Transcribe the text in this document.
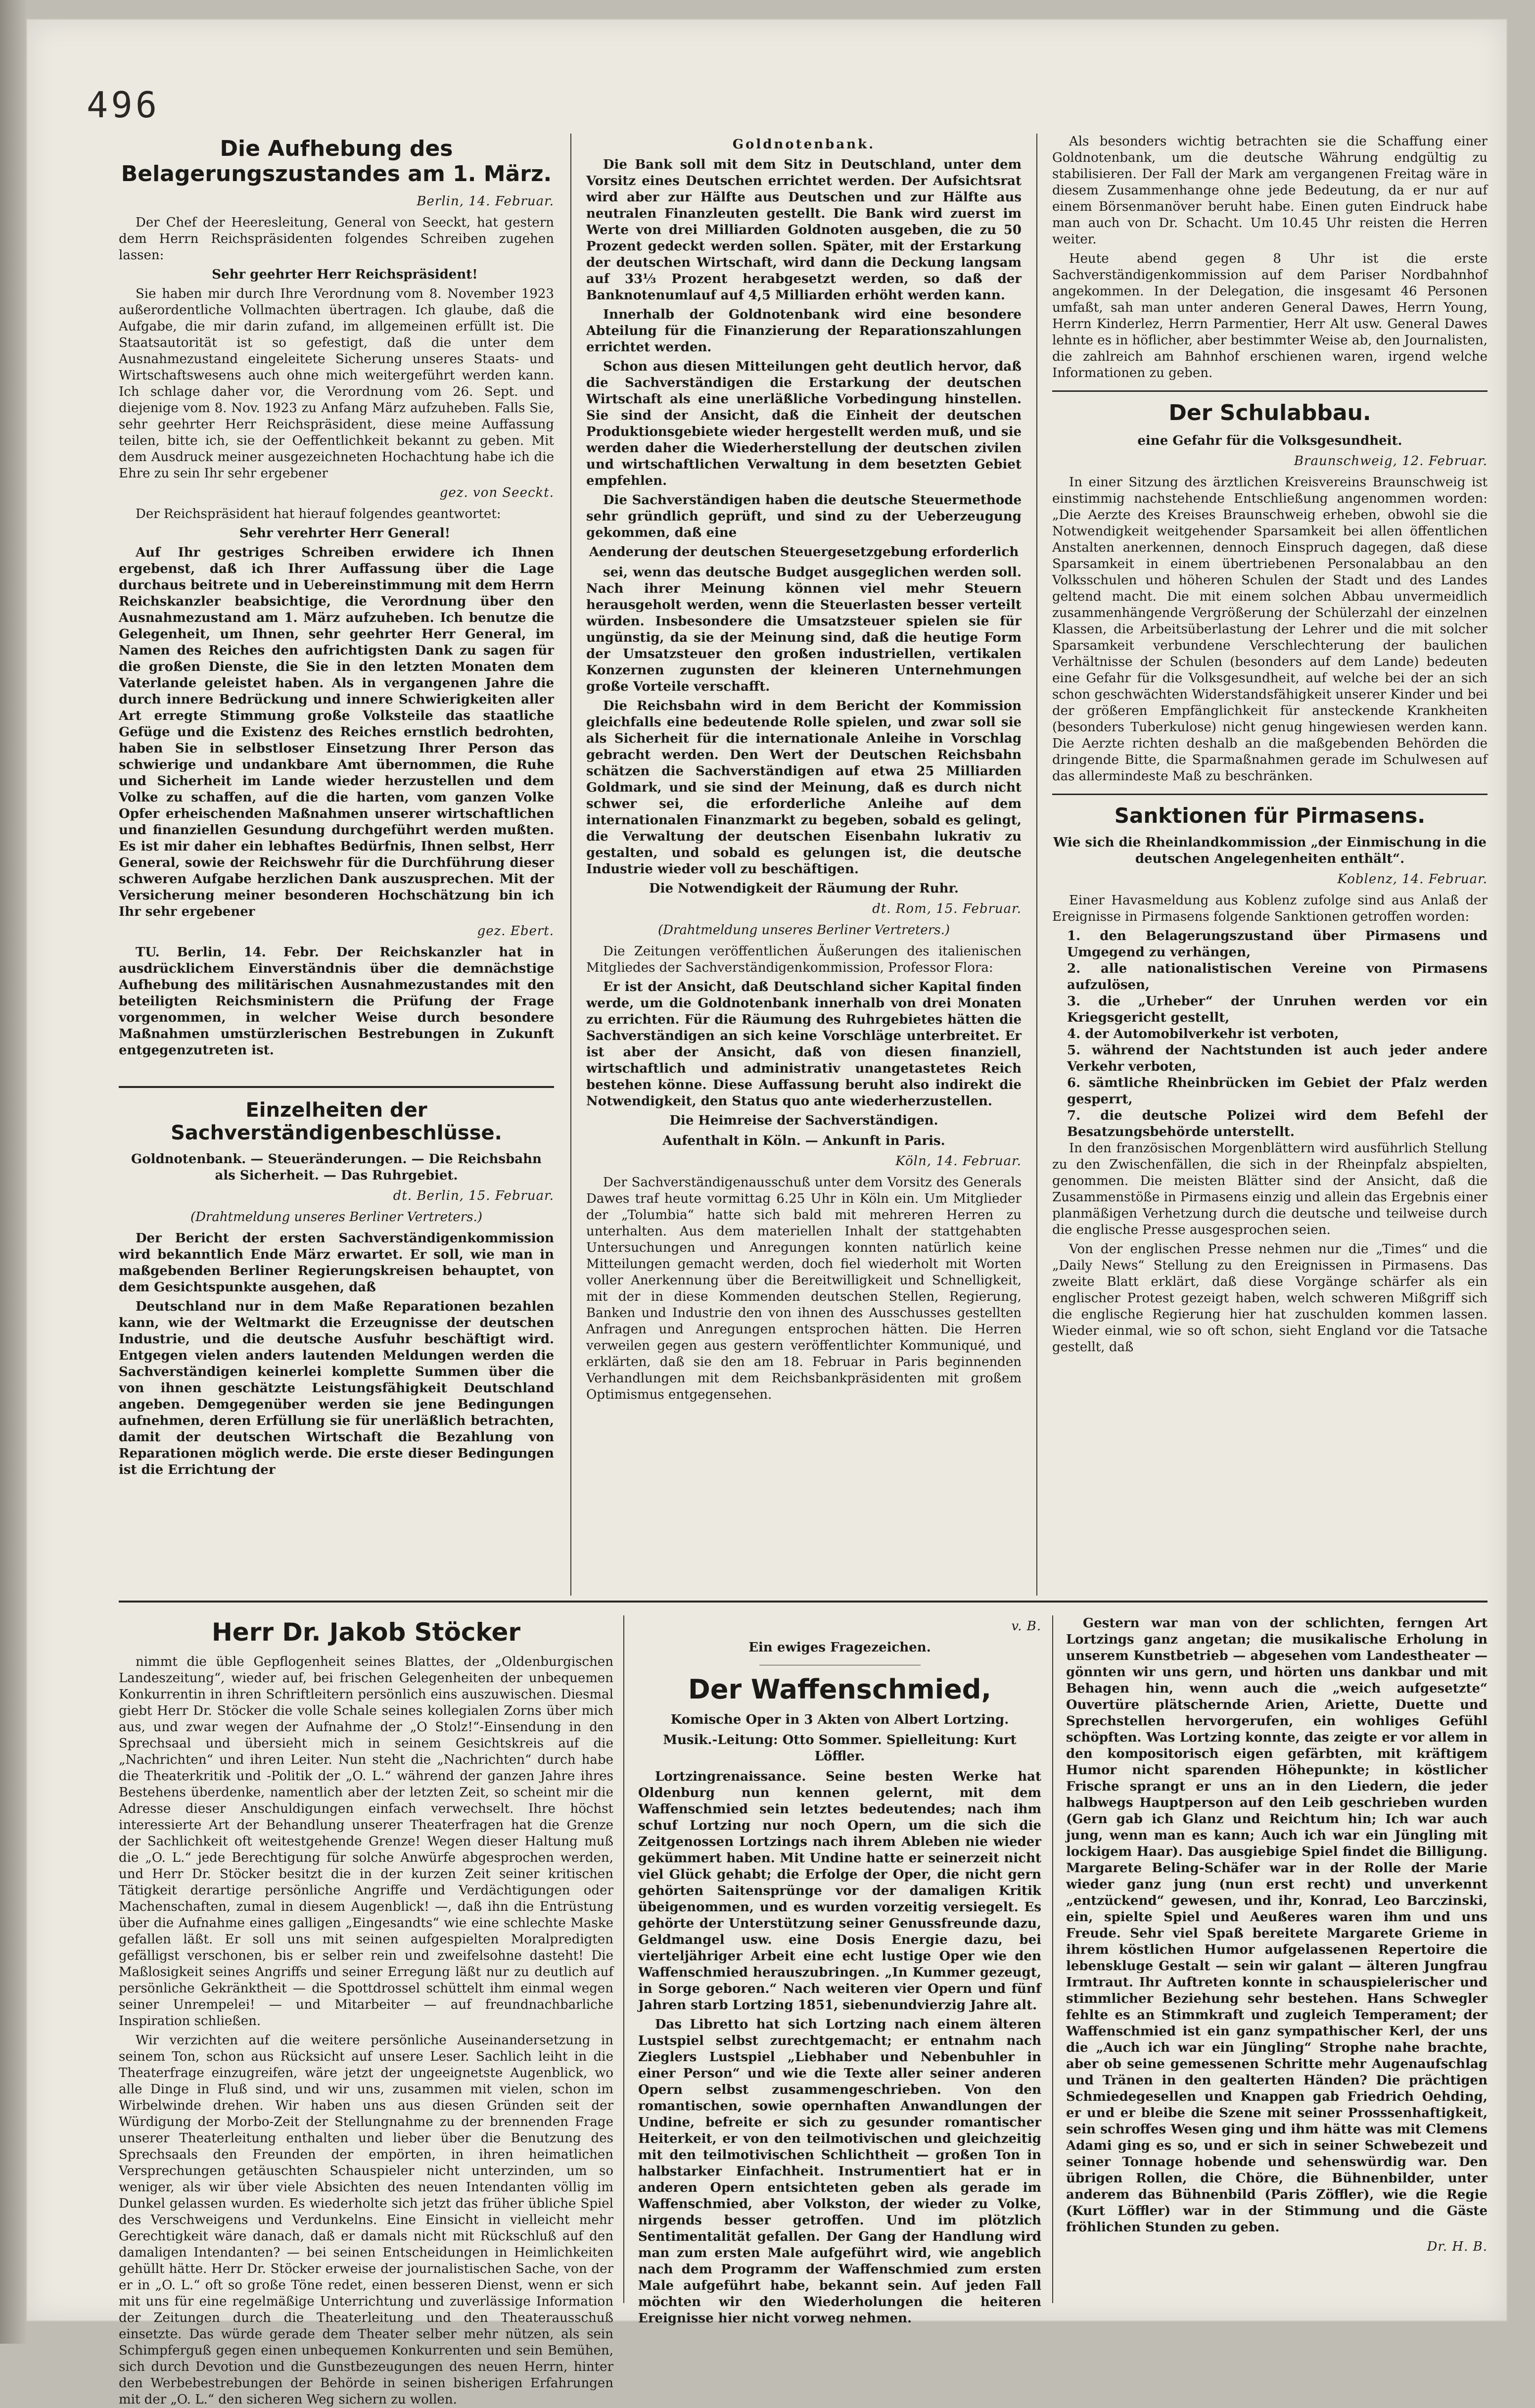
496
Die Aufhebung des Belagerungszustandes am 1. März.
Berlin, 14. Februar.

Der Chef der Heeresleitung, General von Seeckt, hat gestern dem Herrn Reichspräsidenten folgendes Schreiben zugehen lassen:

Sehr geehrter Herr Reichspräsident!

Sie haben mir durch Ihre Verordnung vom 8. November 1923 außerordentliche Vollmachten übertragen. Ich glaube, daß die Aufgabe, die mir darin zufand, im allgemeinen erfüllt ist. Die Staatsautorität ist so gefestigt, daß die unter dem Ausnahmezustand eingeleitete Sicherung unseres Staats- und Wirtschaftswesens auch ohne mich weitergeführt werden kann. Ich schlage daher vor, die Verordnung vom 26. Sept. und diejenige vom 8. Nov. 1923 zu Anfang März aufzuheben. Falls Sie, sehr geehrter Herr Reichspräsident, diese meine Auffassung teilen, bitte ich, sie der Oeffentlichkeit bekannt zu geben. Mit dem Ausdruck meiner ausgezeichneten Hochachtung habe ich die Ehre zu sein Ihr sehr ergebener

gez. von Seeckt.

Der Reichspräsident hat hierauf folgendes geantwortet:

Sehr verehrter Herr General!

Auf Ihr gestriges Schreiben erwidere ich Ihnen ergebenst, daß ich Ihrer Auffassung über die Lage durchaus beitrete und in Uebereinstimmung mit dem Herrn Reichskanzler beabsichtige, die Verordnung über den Ausnahmezustand am 1. März aufzuheben. Ich benutze die Gelegenheit, um Ihnen, sehr geehrter Herr General, im Namen des Reiches den aufrichtigsten Dank zu sagen für die großen Dienste, die Sie in den letzten Monaten dem Vaterlande geleistet haben. Als in vergangenen Jahre die durch innere Bedrückung und innere Schwierigkeiten aller Art erregte Stimmung große Volksteile das staatliche Gefüge und die Existenz des Reiches ernstlich bedrohten, haben Sie in selbstloser Einsetzung Ihrer Person das schwierige und undankbare Amt übernommen, die Ruhe und Sicherheit im Lande wieder herzustellen und dem Volke zu schaffen, auf die die harten, vom ganzen Volke Opfer erheischenden Maßnahmen unserer wirtschaftlichen und finanziellen Gesundung durchgeführt werden mußten. Es ist mir daher ein lebhaftes Bedürfnis, Ihnen selbst, Herr General, sowie der Reichswehr für die Durchführung dieser schweren Aufgabe herzlichen Dank auszusprechen. Mit der Versicherung meiner besonderen Hochschätzung bin ich Ihr sehr ergebener

gez. Ebert.

TU. Berlin, 14. Febr. Der Reichskanzler hat in ausdrücklichem Einverständnis über die demnächstige Aufhebung des militärischen Ausnahmezustandes mit den beteiligten Reichsministern die Prüfung der Frage vorgenommen, in welcher Weise durch besondere Maßnahmen umstürzlerischen Bestrebungen in Zukunft entgegenzutreten ist.

Einzelheiten der Sachverständigenbeschlüsse.
Goldnotenbank. — Steueränderungen. — Die Reichsbahn als Sicherheit. — Das Ruhrgebiet.
dt. Berlin, 15. Februar.
(Drahtmeldung unseres Berliner Vertreters.)

Der Bericht der ersten Sachverständigenkommission wird bekanntlich Ende März erwartet. Er soll, wie man in maßgebenden Berliner Regierungskreisen behauptet, von dem Gesichtspunkte ausgehen, daß

Deutschland nur in dem Maße Reparationen bezahlen kann, wie der Weltmarkt die Erzeugnisse der deutschen Industrie, und die deutsche Ausfuhr beschäftigt wird. Entgegen vielen anders lautenden Meldungen werden die Sachverständigen keinerlei komplette Summen über die von ihnen geschätzte Leistungsfähigkeit Deutschland angeben. Demgegenüber werden sie jene Bedingungen aufnehmen, deren Erfüllung sie für unerläßlich betrachten, damit der deutschen Wirtschaft die Bezahlung von Reparationen möglich werde. Die erste dieser Bedingungen ist die Errichtung der

Goldnotenbank.

Die Bank soll mit dem Sitz in Deutschland, unter dem Vorsitz eines Deutschen errichtet werden. Der Aufsichtsrat wird aber zur Hälfte aus Deutschen und zur Hälfte aus neutralen Finanzleuten gestellt. Die Bank wird zuerst im Werte von drei Milliarden Goldnoten ausgeben, die zu 50 Prozent gedeckt werden sollen. Später, mit der Erstarkung der deutschen Wirtschaft, wird dann die Deckung langsam auf 33⅓ Prozent herabgesetzt werden, so daß der Banknotenumlauf auf 4,5 Milliarden erhöht werden kann.

Innerhalb der Goldnotenbank wird eine besondere Abteilung für die Finanzierung der Reparationszahlungen errichtet werden.

Schon aus diesen Mitteilungen geht deutlich hervor, daß die Sachverständigen die Erstarkung der deutschen Wirtschaft als eine unerläßliche Vorbedingung hinstellen. Sie sind der Ansicht, daß die Einheit der deutschen Produktionsgebiete wieder hergestellt werden muß, und sie werden daher die Wiederherstellung der deutschen zivilen und wirtschaftlichen Verwaltung in dem besetzten Gebiet empfehlen.

Die Sachverständigen haben die deutsche Steuermethode sehr gründlich geprüft, und sind zu der Ueberzeugung gekommen, daß eine

Aenderung der deutschen Steuergesetzgebung erforderlich

sei, wenn das deutsche Budget ausgeglichen werden soll. Nach ihrer Meinung können viel mehr Steuern herausgeholt werden, wenn die Steuerlasten besser verteilt würden. Insbesondere die Umsatzsteuer spielen sie für ungünstig, da sie der Meinung sind, daß die heutige Form der Umsatzsteuer den großen industriellen, vertikalen Konzernen zugunsten der kleineren Unternehmungen große Vorteile verschafft.

Die Reichsbahn wird in dem Bericht der Kommission gleichfalls eine bedeutende Rolle spielen, und zwar soll sie als Sicherheit für die internationale Anleihe in Vorschlag gebracht werden. Den Wert der Deutschen Reichsbahn schätzen die Sachverständigen auf etwa 25 Milliarden Goldmark, und sie sind der Meinung, daß es durch nicht schwer sei, die erforderliche Anleihe auf dem internationalen Finanzmarkt zu begeben, sobald es gelingt, die Verwaltung der deutschen Eisenbahn lukrativ zu gestalten, und sobald es gelungen ist, die deutsche Industrie wieder voll zu beschäftigen.

Die Notwendigkeit der Räumung der Ruhr.
dt. Rom, 15. Februar.
(Drahtmeldung unseres Berliner Vertreters.)

Die Zeitungen veröffentlichen Äußerungen des italienischen Mitgliedes der Sachverständigenkommission, Professor Flora:

Er ist der Ansicht, daß Deutschland sicher Kapital finden werde, um die Goldnotenbank innerhalb von drei Monaten zu errichten. Für die Räumung des Ruhrgebietes hätten die Sachverständigen an sich keine Vorschläge unterbreitet. Er ist aber der Ansicht, daß von diesen finanziell, wirtschaftlich und administrativ unangetastetes Reich bestehen könne. Diese Auffassung beruht also indirekt die Notwendigkeit, den Status quo ante wiederherzustellen.

Die Heimreise der Sachverständigen.
Aufenthalt in Köln. — Ankunft in Paris.
Köln, 14. Februar.

Der Sachverständigenausschuß unter dem Vorsitz des Generals Dawes traf heute vormittag 6.25 Uhr in Köln ein. Um Mitglieder der „Tolumbia“ hatte sich bald mit mehreren Herren zu unterhalten. Aus dem materiellen Inhalt der stattgehabten Untersuchungen und Anregungen konnten natürlich keine Mitteilungen gemacht werden, doch fiel wiederholt mit Worten voller Anerkennung über die Bereitwilligkeit und Schnelligkeit, mit der in diese Kommenden deutschen Stellen, Regierung, Banken und Industrie den von ihnen des Ausschusses gestellten Anfragen und Anregungen entsprochen hätten. Die Herren verweilen gegen aus gestern veröffentlichter Kommuniqué, und erklärten, daß sie den am 18. Februar in Paris beginnenden Verhandlungen mit dem Reichsbankpräsidenten mit großem Optimismus entgegensehen.

Als besonders wichtig betrachten sie die Schaffung einer Goldnotenbank, um die deutsche Währung endgültig zu stabilisieren. Der Fall der Mark am vergangenen Freitag wäre in diesem Zusammenhange ohne jede Bedeutung, da er nur auf einem Börsenmanöver beruht habe. Einen guten Eindruck habe man auch von Dr. Schacht. Um 10.45 Uhr reisten die Herren weiter.

Heute abend gegen 8 Uhr ist die erste Sachverständigenkommission auf dem Pariser Nordbahnhof angekommen. In der Delegation, die insgesamt 46 Personen umfaßt, sah man unter anderen General Dawes, Herrn Young, Herrn Kinderlez, Herrn Parmentier, Herr Alt usw. General Dawes lehnte es in höflicher, aber bestimmter Weise ab, den Journalisten, die zahlreich am Bahnhof erschienen waren, irgend welche Informationen zu geben.

Der Schulabbau.
eine Gefahr für die Volksgesundheit.
Braunschweig, 12. Februar.

In einer Sitzung des ärztlichen Kreisvereins Braunschweig ist einstimmig nachstehende Entschließung angenommen worden: „Die Aerzte des Kreises Braunschweig erheben, obwohl sie die Notwendigkeit weitgehender Sparsamkeit bei allen öffentlichen Anstalten anerkennen, dennoch Einspruch dagegen, daß diese Sparsamkeit in einem übertriebenen Personalabbau an den Volksschulen und höheren Schulen der Stadt und des Landes geltend macht. Die mit einem solchen Abbau unvermeidlich zusammenhängende Vergrößerung der Schülerzahl der einzelnen Klassen, die Arbeitsüberlastung der Lehrer und die mit solcher Sparsamkeit verbundene Verschlechterung der baulichen Verhältnisse der Schulen (besonders auf dem Lande) bedeuten eine Gefahr für die Volksgesundheit, auf welche bei der an sich schon geschwächten Widerstandsfähigkeit unserer Kinder und bei der größeren Empfänglichkeit für ansteckende Krankheiten (besonders Tuberkulose) nicht genug hingewiesen werden kann. Die Aerzte richten deshalb an die maßgebenden Behörden die dringende Bitte, die Sparmaßnahmen gerade im Schulwesen auf das allermindeste Maß zu beschränken.

Sanktionen für Pirmasens.
Wie sich die Rheinlandkommission „der Einmischung in die deutschen Angelegenheiten enthält“.
Koblenz, 14. Februar.

Einer Havasmeldung aus Koblenz zufolge sind aus Anlaß der Ereignisse in Pirmasens folgende Sanktionen getroffen worden:

1. den Belagerungszustand über Pirmasens und Umgegend zu verhängen,
2. alle nationalistischen Vereine von Pirmasens aufzulösen,
3. die „Urheber“ der Unruhen werden vor ein Kriegsgericht gestellt,
4. der Automobilverkehr ist verboten,
5. während der Nachtstunden ist auch jeder andere Verkehr verboten,
6. sämtliche Rheinbrücken im Gebiet der Pfalz werden gesperrt,
7. die deutsche Polizei wird dem Befehl der Besatzungsbehörde unterstellt.

In den französischen Morgenblättern wird ausführlich Stellung zu den Zwischenfällen, die sich in der Rheinpfalz abspielten, genommen. Die meisten Blätter sind der Ansicht, daß die Zusammenstöße in Pirmasens einzig und allein das Ergebnis einer planmäßigen Verhetzung durch die deutsche und teilweise durch die englische Presse ausgesprochen seien.

Von der englischen Presse nehmen nur die „Times“ und die „Daily News“ Stellung zu den Ereignissen in Pirmasens. Das zweite Blatt erklärt, daß diese Vorgänge schärfer als ein englischer Protest gezeigt haben, welch schweren Mißgriff sich die englische Regierung hier hat zuschulden kommen lassen. Wieder einmal, wie so oft schon, sieht England vor die Tatsache gestellt, daß

Herr Dr. Jakob Stöcker

nimmt die üble Gepflogenheit seines Blattes, der „Oldenburgischen Landeszeitung“, wieder auf, bei frischen Gelegenheiten der unbequemen Konkurrentin in ihren Schriftleitern persönlich eins auszuwischen. Diesmal giebt Herr Dr. Stöcker die volle Schale seines kollegialen Zorns über mich aus, und zwar wegen der Aufnahme der „O Stolz!“-Einsendung in den Sprechsaal und übersieht mich in seinem Gesichtskreis auf die „Nachrichten“ und ihren Leiter. Nun steht die „Nachrichten“ durch habe die Theaterkritik und -Politik der „O. L.“ während der ganzen Jahre ihres Bestehens überdenke, namentlich aber der letzten Zeit, so scheint mir die Adresse dieser Anschuldigungen einfach verwechselt. Ihre höchst interessierte Art der Behandlung unserer Theaterfragen hat die Grenze der Sachlichkeit oft weitestgehende Grenze! Wegen dieser Haltung muß die „O. L.“ jede Berechtigung für solche Anwürfe abgesprochen werden, und Herr Dr. Stöcker besitzt die in der kurzen Zeit seiner kritischen Tätigkeit derartige persönliche Angriffe und Verdächtigungen oder Machenschaften, zumal in diesem Augenblick! —, daß ihn die Entrüstung über die Aufnahme eines galligen „Eingesandts“ wie eine schlechte Maske gefallen läßt. Er soll uns mit seinen aufgespielten Moralpredigten gefälligst verschonen, bis er selber rein und zweifelsohne dasteht! Die Maßlosigkeit seines Angriffs und seiner Erregung läßt nur zu deutlich auf persönliche Gekränktheit — die Spottdrossel schüttelt ihm einmal wegen seiner Unrempelei! — und Mitarbeiter — auf freundnachbarliche Inspiration schließen.

Wir verzichten auf die weitere persönliche Auseinandersetzung in seinem Ton, schon aus Rücksicht auf unsere Leser. Sachlich leiht in die Theaterfrage einzugreifen, wäre jetzt der ungeeignetste Augenblick, wo alle Dinge in Fluß sind, und wir uns, zusammen mit vielen, schon im Wirbelwinde drehen. Wir haben uns aus diesen Gründen seit der Würdigung der Morbo-Zeit der Stellungnahme zu der brennenden Frage unserer Theaterleitung enthalten und lieber über die Benutzung des Sprechsaals den Freunden der empörten, in ihren heimatlichen Versprechungen getäuschten Schauspieler nicht unterzinden, um so weniger, als wir über viele Absichten des neuen Intendanten völlig im Dunkel gelassen wurden. Es wiederholte sich jetzt das früher übliche Spiel des Verschweigens und Verdunkelns. Eine Einsicht in vielleicht mehr Gerechtigkeit wäre danach, daß er damals nicht mit Rückschluß auf den damaligen Intendanten? — bei seinen Entscheidungen in Heimlichkeiten gehüllt hätte. Herr Dr. Stöcker erweise der journalistischen Sache, von der er in „O. L.“ oft so große Töne redet, einen besseren Dienst, wenn er sich mit uns für eine regelmäßige Unterrichtung und zuverlässige Information der Zeitungen durch die Theaterleitung und den Theaterausschuß einsetzte. Das würde gerade dem Theater selber mehr nützen, als sein Schimpferguß gegen einen unbequemen Konkurrenten und sein Bemühen, sich durch Devotion und die Gunstbezeugungen des neuen Herrn, hinter den Werbebestrebungen der Behörde in seinen bisherigen Erfahrungen mit der „O. L.“ den sicheren Weg sichern zu wollen.

v. B.
Ein ewiges Fragezeichen.
Der Waffenschmied,
Komische Oper in 3 Akten von Albert Lortzing.
Musik.-Leitung: Otto Sommer. Spielleitung: Kurt Löffler.

Lortzingrenaissance. Seine besten Werke hat Oldenburg nun kennen gelernt, mit dem Waffenschmied sein letztes bedeutendes; nach ihm schuf Lortzing nur noch Opern, um die sich die Zeitgenossen Lortzings nach ihrem Ableben nie wieder gekümmert haben. Mit Undine hatte er seinerzeit nicht viel Glück gehabt; die Erfolge der Oper, die nicht gern gehörten Saitensprünge vor der damaligen Kritik übeigenommen, und es wurden vorzeitig versiegelt. Es gehörte der Unterstützung seiner Genussfreunde dazu, Geldmangel usw. eine Dosis Energie dazu, bei vierteljähriger Arbeit eine echt lustige Oper wie den Waffenschmied herauszubringen. „In Kummer gezeugt, in Sorge geboren.“ Nach weiteren vier Opern und fünf Jahren starb Lortzing 1851, siebenundvierzig Jahre alt.

Das Libretto hat sich Lortzing nach einem älteren Lustspiel selbst zurechtgemacht; er entnahm nach Zieglers Lustspiel „Liebhaber und Nebenbuhler in einer Person“ und wie die Texte aller seiner anderen Opern selbst zusammengeschrieben. Von den romantischen, sowie opernhaften Anwandlungen der Undine, befreite er sich zu gesunder romantischer Heiterkeit, er von den teilmotivischen und gleichzeitig mit den teilmotivischen Schlichtheit — großen Ton in halbstarker Einfachheit. Instrumentiert hat er in anderen Opern entsichteten geben als gerade im Waffenschmied, aber Volkston, der wieder zu Volke, nirgends besser getroffen. Und im plötzlich Sentimentalität gefallen. Der Gang der Handlung wird man zum ersten Male aufgeführt wird, wie angeblich nach dem Programm der Waffenschmied zum ersten Male aufgeführt habe, bekannt sein. Auf jeden Fall möchten wir den Wiederholungen die heiteren Ereignisse hier nicht vorweg nehmen.

Gestern war man von der schlichten, ferngen Art Lortzings ganz angetan; die musikalische Erholung in unserem Kunstbetrieb — abgesehen vom Landestheater — gönnten wir uns gern, und hörten uns dankbar und mit Behagen hin, wenn auch die „weich aufgesetzte“ Ouvertüre plätschernde Arien, Ariette, Duette und Sprechstellen hervorgerufen, ein wohliges Gefühl schöpften. Was Lortzing konnte, das zeigte er vor allem in den kompositorisch eigen gefärbten, mit kräftigem Humor nicht sparenden Höhepunkte; in köstlicher Frische sprangt er uns an in den Liedern, die jeder halbwegs Hauptperson auf den Leib geschrieben wurden (Gern gab ich Glanz und Reichtum hin; Ich war auch jung, wenn man es kann; Auch ich war ein Jüngling mit lockigem Haar). Das ausgiebige Spiel findet die Billigung. Margarete Beling-Schäfer war in der Rolle der Marie wieder ganz jung (nun erst recht) und unverkennt „entzückend“ gewesen, und ihr, Konrad, Leo Barczinski, ein, spielte Spiel und Aeußeres waren ihm und uns Freude. Sehr viel Spaß bereitete Margarete Grieme in ihrem köstlichen Humor aufgelassenen Repertoire die lebenskluge Gestalt — sein wir galant — älteren Jungfrau Irmtraut. Ihr Auftreten konnte in schauspielerischer und stimmlicher Beziehung sehr bestehen. Hans Schwegler fehlte es an Stimmkraft und zugleich Temperament; der Waffenschmied ist ein ganz sympathischer Kerl, der uns die „Auch ich war ein Jüngling“ Strophe nahe brachte, aber ob seine gemessenen Schritte mehr Augenaufschlag und Tränen in den gealterten Händen? Die prächtigen Schmiedegesellen und Knappen gab Friedrich Oehding, er und er bleibe die Szene mit seiner Prosssenhaftigkeit, sein schroffes Wesen ging und ihm hätte was mit Clemens Adami ging es so, und er sich in seiner Schwebezeit und seiner Tonnage hobende und sehenswürdig war. Den übrigen Rollen, die Chöre, die Bühnenbilder, unter anderem das Bühnenbild (Paris Zöffler), wie die Regie (Kurt Löffler) war in der Stimmung und die Gäste fröhlichen Stunden zu geben.

Dr. H. B.
